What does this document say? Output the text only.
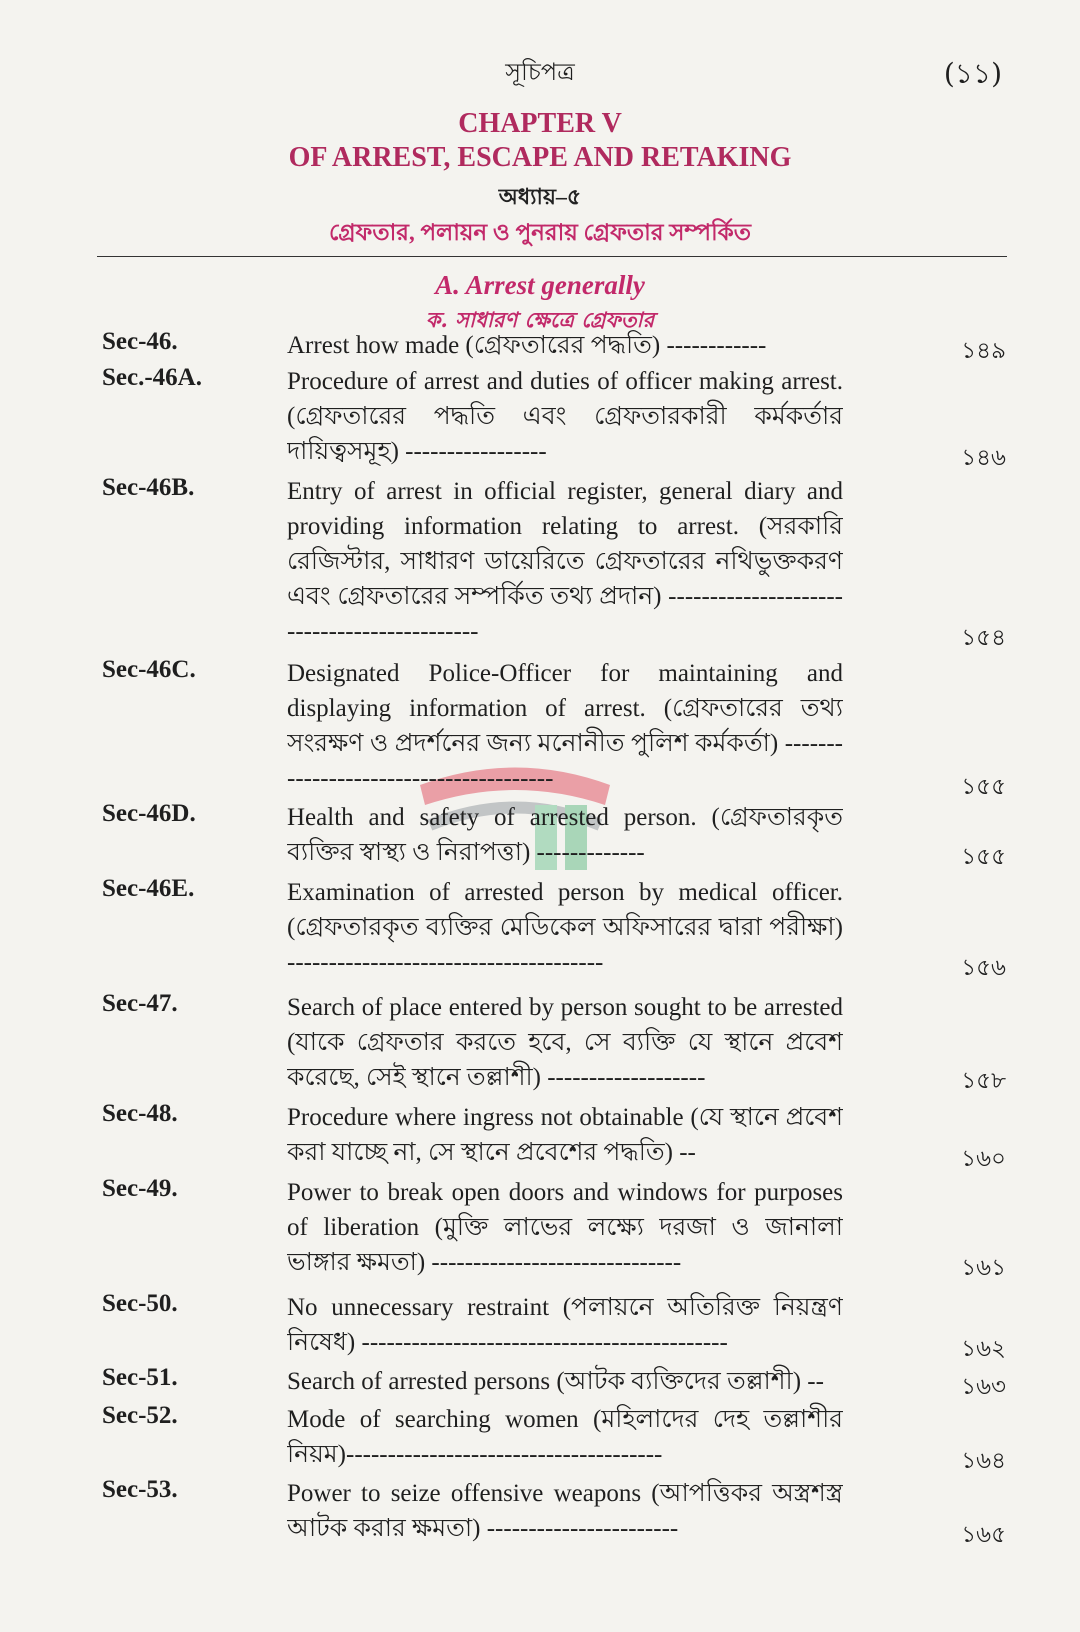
সূচিপত্র	(১১)
CHAPTER V
OF ARREST, ESCAPE AND RETAKING
অধ্যায়–৫
গ্রেফতার, পলায়ন ও পুনরায় গ্রেফতার সম্পর্কিত
A. Arrest generally
ক. সাধারণ ক্ষেত্রে গ্রেফতার
Sec-46.	Arrest how made (গ্রেফতারের পদ্ধতি) ------------	১৪৯
Sec.-46A.	Procedure of arrest and duties of officer making arrest. (গ্রেফতারের পদ্ধতি এবং গ্রেফতারকারী কর্মকর্তার দায়িত্বসমূহ) -----------------	১৪৬
Sec-46B.	Entry of arrest in official register, general diary and providing information relating to arrest. (সরকারি রেজিস্টার, সাধারণ ডায়েরিতে গ্রেফতারের নথিভুক্তকরণ এবং গ্রেফতারের সম্পর্কিত তথ্য প্রদান) --------------------------------------------	১৫৪
Sec-46C.	Designated Police-Officer for maintaining and displaying information of arrest. (গ্রেফতারের তথ্য সংরক্ষণ ও প্রদর্শনের জন্য মনোনীত পুলিশ কর্মকর্তা) ---------------------------------------	১৫৫
Sec-46D.	Health and safety of arrested person. (গ্রেফতারকৃত ব্যক্তির স্বাস্থ্য ও নিরাপত্তা) -------------	১৫৫
Sec-46E.	Examination of arrested person by medical officer. (গ্রেফতারকৃত ব্যক্তির মেডিকেল অফিসারের দ্বারা পরীক্ষা) --------------------------------------	১৫৬
Sec-47.	Search of place entered by person sought to be arrested (যাকে গ্রেফতার করতে হবে, সে ব্যক্তি যে স্থানে প্রবেশ করেছে, সেই স্থানে তল্লাশী) -------------------	১৫৮
Sec-48.	Procedure where ingress not obtainable (যে স্থানে প্রবেশ করা যাচ্ছে না, সে স্থানে প্রবেশের পদ্ধতি) --	১৬০
Sec-49.	Power to break open doors and windows for purposes of liberation (মুক্তি লাভের লক্ষ্যে দরজা ও জানালা ভাঙ্গার ক্ষমতা) ------------------------------	১৬১
Sec-50.	No unnecessary restraint (পলায়নে অতিরিক্ত নিয়ন্ত্রণ নিষেধ) --------------------------------------------	১৬২
Sec-51.	Search of arrested persons (আটক ব্যক্তিদের তল্লাশী) --	১৬৩
Sec-52.	Mode of searching women (মহিলাদের দেহ তল্লাশীর নিয়ম)--------------------------------------	১৬৪
Sec-53.	Power to seize offensive weapons (আপত্তিকর অস্ত্রশস্ত্র আটক করার ক্ষমতা) -----------------------	১৬৫
